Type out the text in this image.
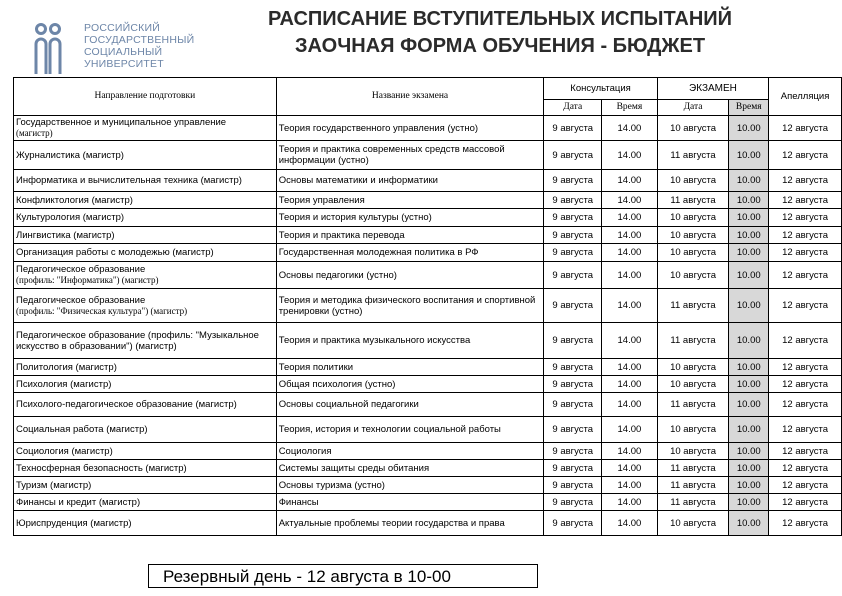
РОССИЙСКИЙ
ГОСУДАРСТВЕННЫЙ
СОЦИАЛЬНЫЙ
УНИВЕРСИТЕТ
РАСПИСАНИЕ ВСТУПИТЕЛЬНЫХ ИСПЫТАНИЙ
ЗАОЧНАЯ ФОРМА ОБУЧЕНИЯ - БЮДЖЕТ
Направление подготовки	Название экзамена	Консультация		ЭКЗАМЕН		Апелляция
		Дата	Время	Дата	Время	

Государственное и муниципальное управление
(магистр)	Теория государственного управления (устно)	9 августа	14.00	10 августа	10.00	12 августа

Журналистика (магистр)	Теория и практика современных средств массовой информации (устно)	9 августа	14.00	11 августа	10.00	12 августа

Информатика и вычислительная техника (магистр)	Основы математики и информатики	9 августа	14.00	10 августа	10.00	12 августа

Конфликтология (магистр)	Теория управления	9 августа	14.00	11 августа	10.00	12 августа

Культурология (магистр)	Теория и история культуры (устно)	9 августа	14.00	10 августа	10.00	12 августа

Лингвистика (магистр)	Теория и практика перевода	9 августа	14.00	10 августа	10.00	12 августа

Организация работы с молодежью (магистр)	Государственная молодежная политика в РФ	9 августа	14.00	10 августа	10.00	12 августа

Педагогическое образование
(профиль: "Информатика") (магистр)	Основы педагогики (устно)	9 августа	14.00	10 августа	10.00	12 августа

Педагогическое образование
(профиль: "Физическая культура") (магистр)	Теория и методика физического воспитания и спортивной тренировки (устно)	9 августа	14.00	11 августа	10.00	12 августа

Педагогическое образование (профиль: "Музыкальное искусство в образовании") (магистр)	Теория и практика музыкального искусства	9 августа	14.00	11 августа	10.00	12 августа

Политология (магистр)	Теория политики	9 августа	14.00	10 августа	10.00	12 августа

Психология (магистр)	Общая психология (устно)	9 августа	14.00	10 августа	10.00	12 августа

Психолого-педагогическое образование (магистр)	Основы социальной педагогики	9 августа	14.00	11 августа	10.00	12 августа

Социальная работа (магистр)	Теория, история и технологии социальной работы	9 августа	14.00	10 августа	10.00	12 августа

Социология (магистр)	Социология	9 августа	14.00	10 августа	10.00	12 августа

Техносферная безопасность (магистр)	Системы защиты среды обитания	9 августа	14.00	11 августа	10.00	12 августа

Туризм (магистр)	Основы туризма (устно)	9 августа	14.00	11 августа	10.00	12 августа

Финансы и кредит (магистр)	Финансы	9 августа	14.00	11 августа	10.00	12 августа

Юриспруденция (магистр)	Актуальные проблемы теории государства и права	9 августа	14.00	10 августа	10.00	12 августа
Резервный день - 12 августа в 10-00
